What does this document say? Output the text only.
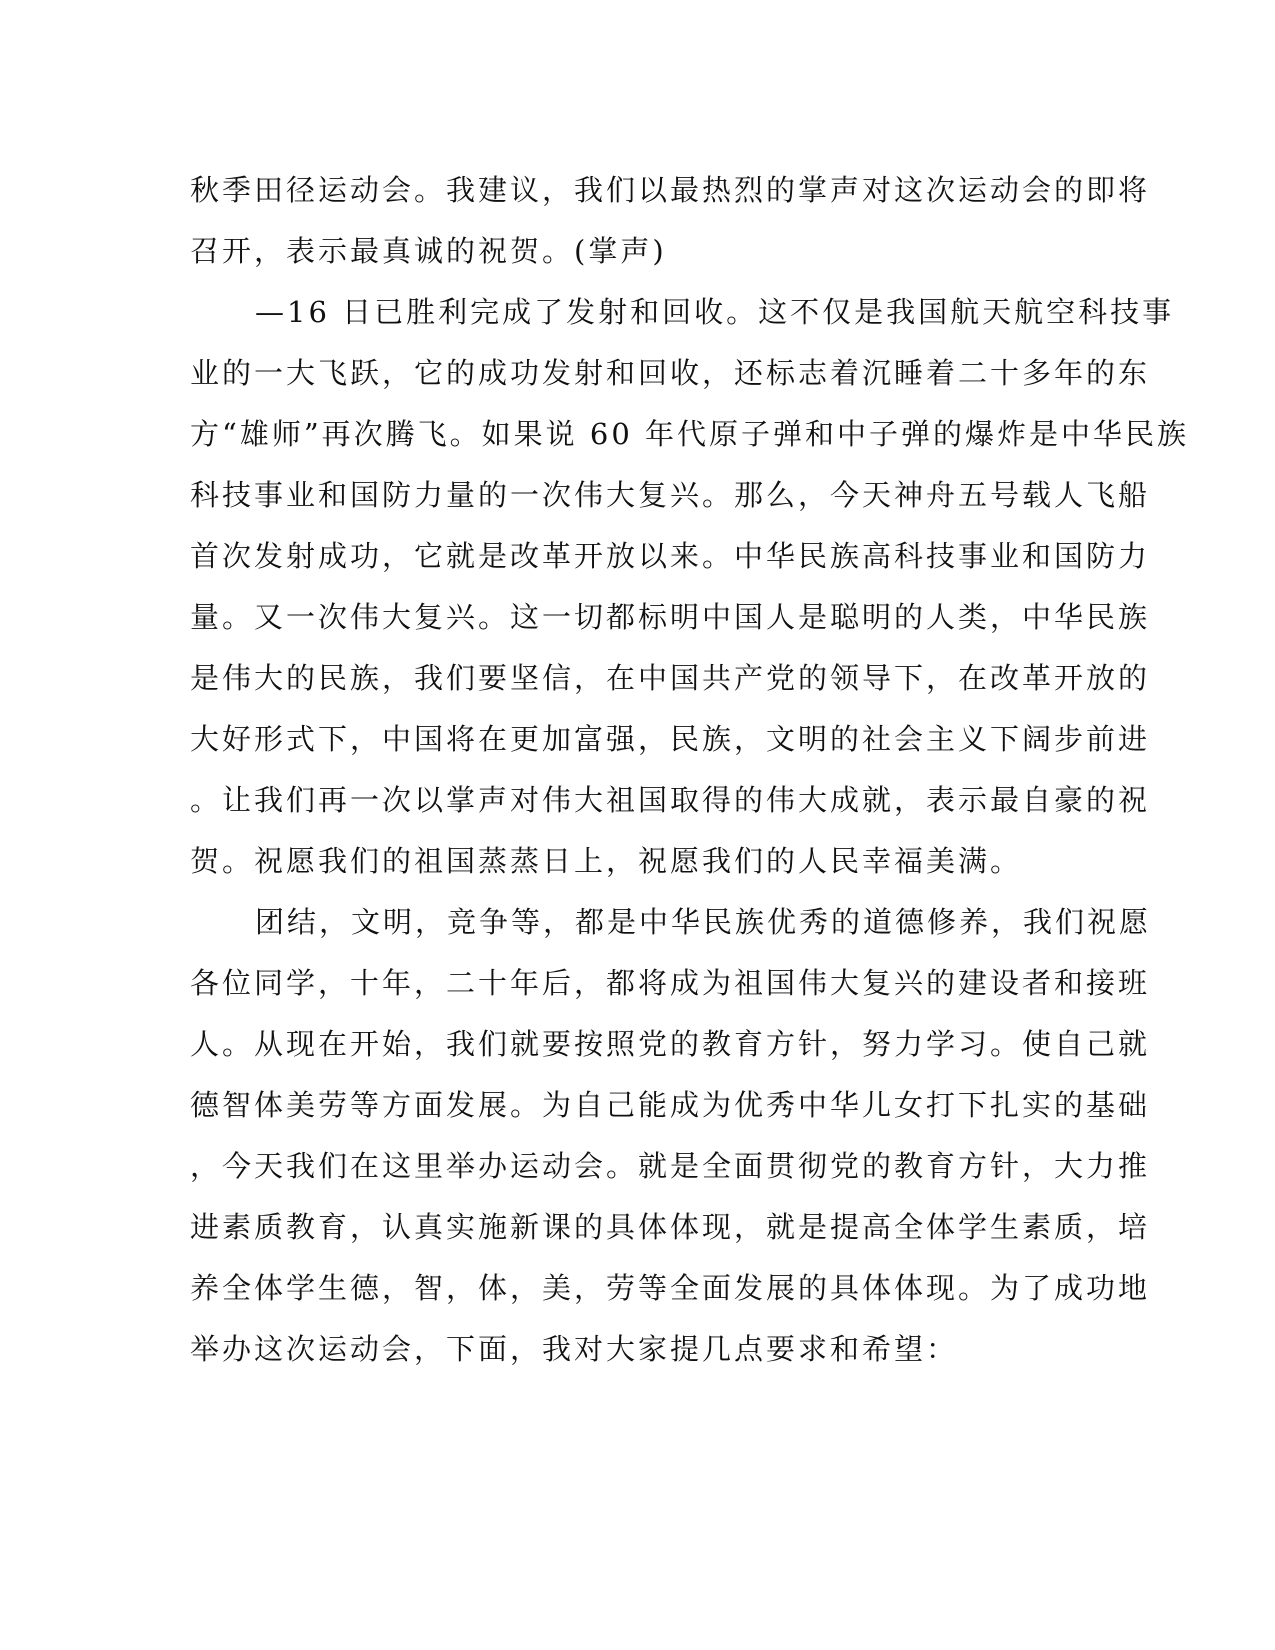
秋季田径运动会。我建议，我们以最热烈的掌声对这次运动会的即将
召开，表示最真诚的祝贺。(掌声)
—16 日已胜利完成了发射和回收。这不仅是我国航天航空科技事
业的一大飞跃，它的成功发射和回收，还标志着沉睡着二十多年的东
方“雄师”再次腾飞。如果说 60 年代原子弹和中子弹的爆炸是中华民族
科技事业和国防力量的一次伟大复兴。那么，今天神舟五号载人飞船
首次发射成功，它就是改革开放以来。中华民族高科技事业和国防力
量。又一次伟大复兴。这一切都标明中国人是聪明的人类，中华民族
是伟大的民族，我们要坚信，在中国共产党的领导下，在改革开放的
大好形式下，中国将在更加富强，民族，文明的社会主义下阔步前进
。让我们再一次以掌声对伟大祖国取得的伟大成就，表示最自豪的祝
贺。祝愿我们的祖国蒸蒸日上，祝愿我们的人民幸福美满。
团结，文明，竞争等，都是中华民族优秀的道德修养，我们祝愿
各位同学，十年，二十年后，都将成为祖国伟大复兴的建设者和接班
人。从现在开始，我们就要按照党的教育方针，努力学习。使自己就
德智体美劳等方面发展。为自己能成为优秀中华儿女打下扎实的基础
，今天我们在这里举办运动会。就是全面贯彻党的教育方针，大力推
进素质教育，认真实施新课的具体体现，就是提高全体学生素质，培
养全体学生德，智，体，美，劳等全面发展的具体体现。为了成功地
举办这次运动会，下面，我对大家提几点要求和希望：
